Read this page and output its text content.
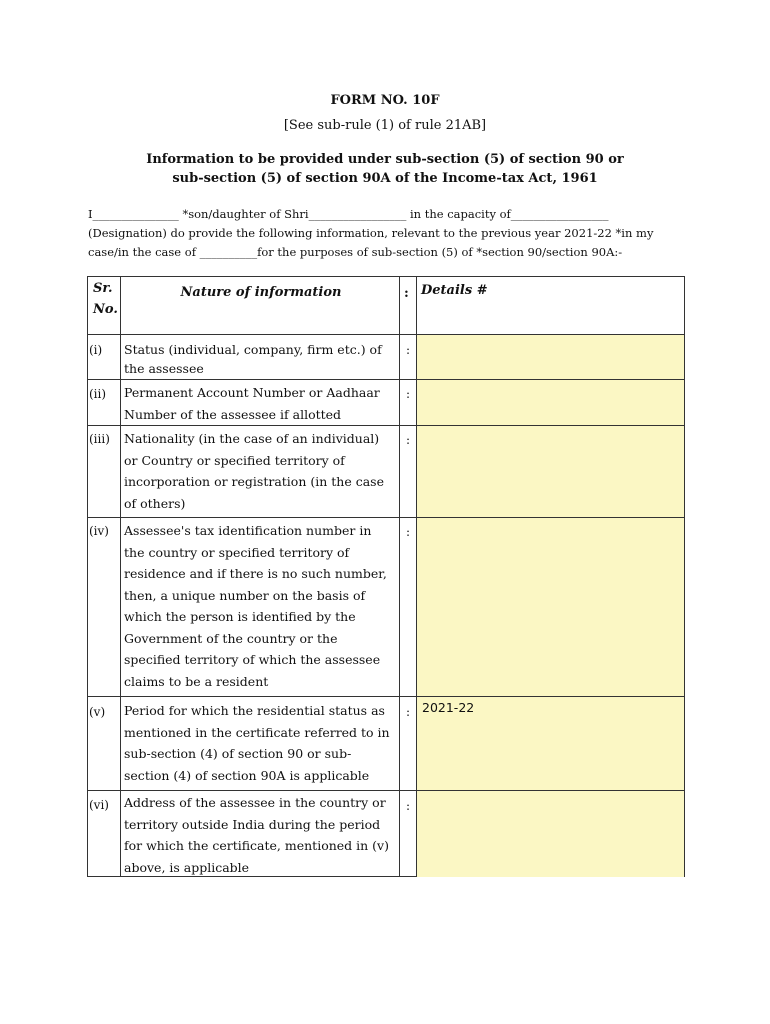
FORM NO. 10F
[See sub-rule (1) of rule 21AB]
Information to be provided under sub-section (5) of section 90 or
sub-section (5) of section 90A of the Income-tax Act, 1961
I_______________ *son/daughter of Shri_________________ in the capacity of_________________
(Designation) do provide the following information, relevant to the previous year 2021-22 *in my
case/in the case of __________for the purposes of sub-section (5) of *section 90/section 90A:-
Sr.
No.
Nature of information	: Details #
(i) Status (individual, company, firm etc.) of
the assessee
:
(ii) Permanent Account Number or Aadhaar
Number of the assessee if allotted
:
(iii) Nationality (in the case of an individual)
or Country or specified territory of
incorporation or registration (in the case
of others)
:
(iv) Assessee's tax identification number in
the country or specified territory of
residence and if there is no such number,
then, a unique number on the basis of
which the person is identified by the
Government of the country or the
specified territory of which the assessee
claims to be a resident
:
(v) Period for which the residential status as
mentioned in the certificate referred to in
sub-section (4) of section 90 or sub-
section (4) of section 90A is applicable
: 2021-22
(vi) Address of the assessee in the country or
territory outside India during the period
for which the certificate, mentioned in (v)
above, is applicable
:
